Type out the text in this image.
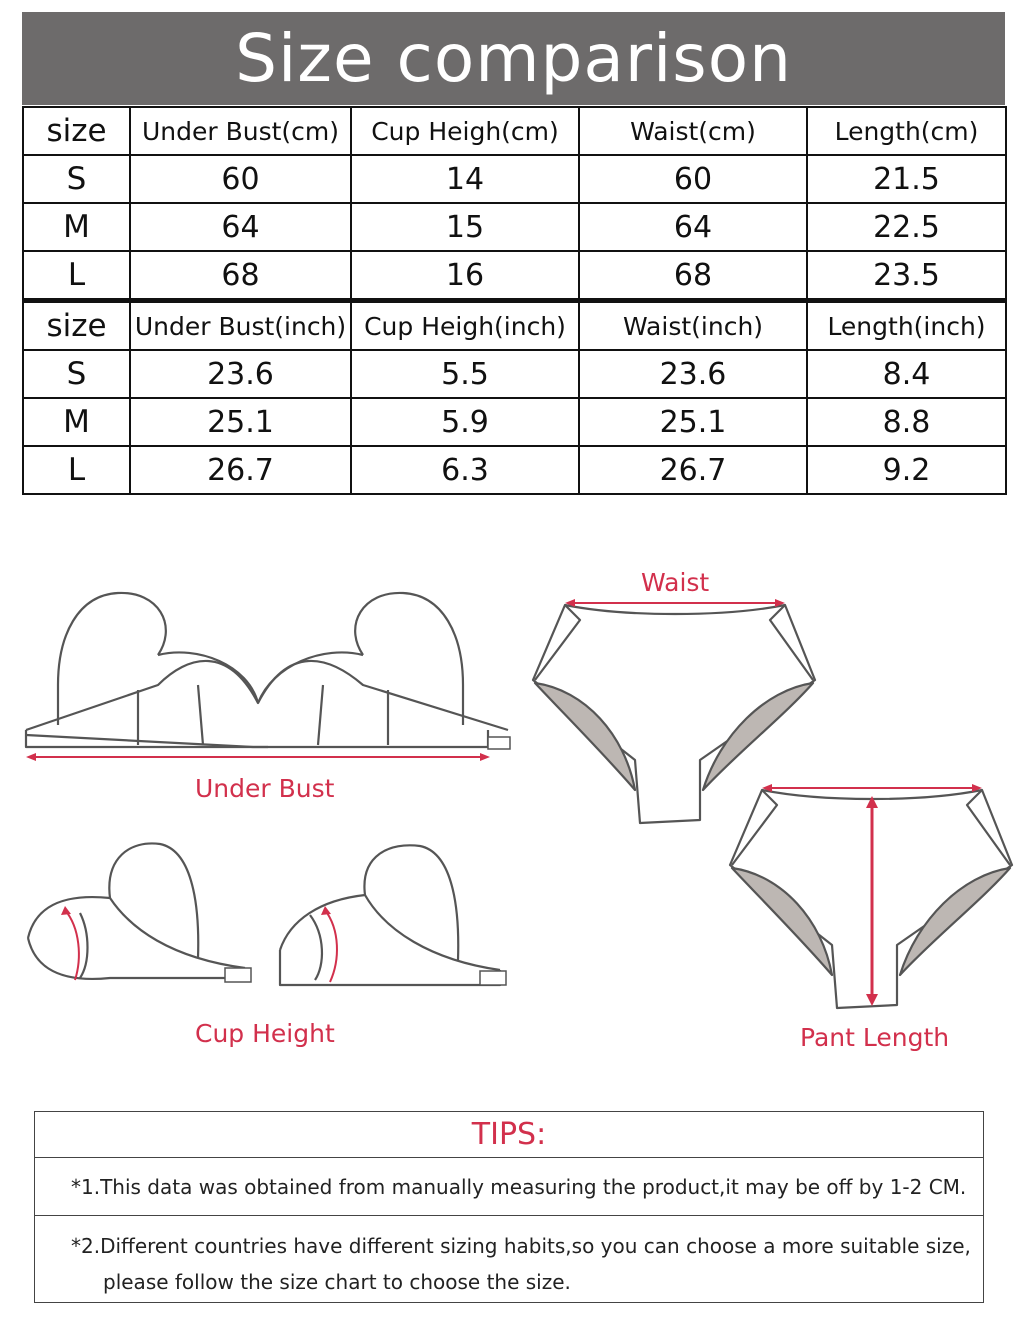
Size comparison
size	Under Bust(cm)	Cup Heigh(cm)	Waist(cm)	Length(cm)
S	60	14	60	21.5
M	64	15	64	22.5
L	68	16	68	23.5
size	Under Bust(inch)	Cup Heigh(inch)	Waist(inch)	Length(inch)
S	23.6	5.5	23.6	8.4
M	25.1	5.9	25.1	8.8
L	26.7	6.3	26.7	9.2
Under Bust
Cup Height
Waist
Pant Length
TIPS:
*1.This data was obtained from manually measuring the product,it may be off by 1-2 CM.
*2.Different countries have different sizing habits,so you can choose a more suitable size,
please follow the size chart to choose the size.
